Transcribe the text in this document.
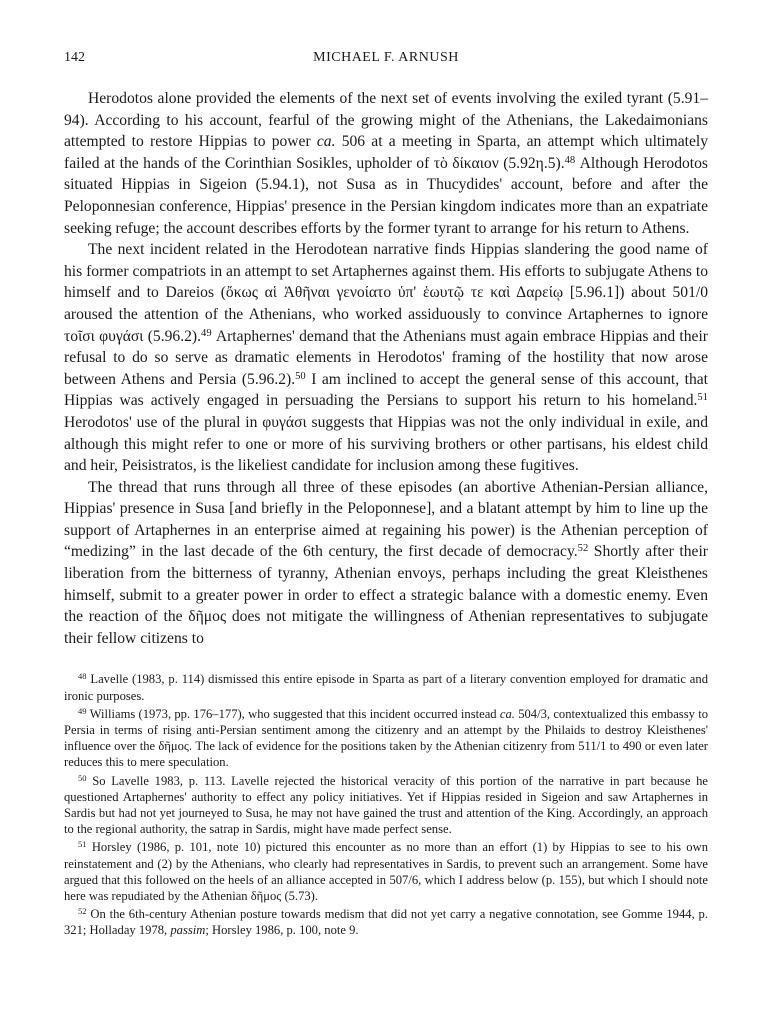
142	MICHAEL F. ARNUSH

Herodotos alone provided the elements of the next set of events involving the exiled tyrant (5.91–94). According to his account, fearful of the growing might of the Athenians, the Lakedaimonians attempted to restore Hippias to power ca. 506 at a meeting in Sparta, an attempt which ultimately failed at the hands of the Corinthian Sosikles, upholder of τὸ δίκαιον (5.92η.5).$^{48}$ Although Herodotos situated Hippias in Sigeion (5.94.1), not Susa as in Thucydides' account, before and after the Peloponnesian conference, Hippias' presence in the Persian kingdom indicates more than an expatriate seeking refuge; the account describes efforts by the former tyrant to arrange for his return to Athens.

The next incident related in the Herodotean narrative finds Hippias slandering the good name of his former compatriots in an attempt to set Artaphernes against them. His efforts to subjugate Athens to himself and to Dareios (ὄκως αἱ Ἀθῆναι γενοίατο ὑπ' ἑωυτῷ τε καὶ Δαρείῳ [5.96.1]) about 501/0 aroused the attention of the Athenians, who worked assiduously to convince Artaphernes to ignore τοῖσι φυγάσι (5.96.2).$^{49}$ Artaphernes' demand that the Athenians must again embrace Hippias and their refusal to do so serve as dramatic elements in Herodotos' framing of the hostility that now arose between Athens and Persia (5.96.2).$^{50}$ I am inclined to accept the general sense of this account, that Hippias was actively engaged in persuading the Persians to support his return to his homeland.$^{51}$ Herodotos' use of the plural in φυγάσι suggests that Hippias was not the only individual in exile, and although this might refer to one or more of his surviving brothers or other partisans, his eldest child and heir, Peisistratos, is the likeliest candidate for inclusion among these fugitives.

The thread that runs through all three of these episodes (an abortive Athenian-Persian alliance, Hippias' presence in Susa [and briefly in the Peloponnese], and a blatant attempt by him to line up the support of Artaphernes in an enterprise aimed at regaining his power) is the Athenian perception of “medizing” in the last decade of the 6th century, the first decade of democracy.$^{52}$ Shortly after their liberation from the bitterness of tyranny, Athenian envoys, perhaps including the great Kleisthenes himself, submit to a greater power in order to effect a strategic balance with a domestic enemy. Even the reaction of the δῆμος does not mitigate the willingness of Athenian representatives to subjugate their fellow citizens to

$^{48}$ Lavelle (1983, p. 114) dismissed this entire episode in Sparta as part of a literary convention employed for dramatic and ironic purposes.

$^{49}$ Williams (1973, pp. 176–177), who suggested that this incident occurred instead ca. 504/3, contextualized this embassy to Persia in terms of rising anti-Persian sentiment among the citizenry and an attempt by the Philaids to destroy Kleisthenes' influence over the δῆμος. The lack of evidence for the positions taken by the Athenian citizenry from 511/1 to 490 or even later reduces this to mere speculation.

$^{50}$ So Lavelle 1983, p. 113. Lavelle rejected the historical veracity of this portion of the narrative in part because he questioned Artaphernes' authority to effect any policy initiatives. Yet if Hippias resided in Sigeion and saw Artaphernes in Sardis but had not yet journeyed to Susa, he may not have gained the trust and attention of the King. Accordingly, an approach to the regional authority, the satrap in Sardis, might have made perfect sense.

$^{51}$ Horsley (1986, p. 101, note 10) pictured this encounter as no more than an effort (1) by Hippias to see to his own reinstatement and (2) by the Athenians, who clearly had representatives in Sardis, to prevent such an arrangement. Some have argued that this followed on the heels of an alliance accepted in 507/6, which I address below (p. 155), but which I should note here was repudiated by the Athenian δῆμος (5.73).

$^{52}$ On the 6th-century Athenian posture towards medism that did not yet carry a negative connotation, see Gomme 1944, p. 321; Holladay 1978, passim; Horsley 1986, p. 100, note 9.
